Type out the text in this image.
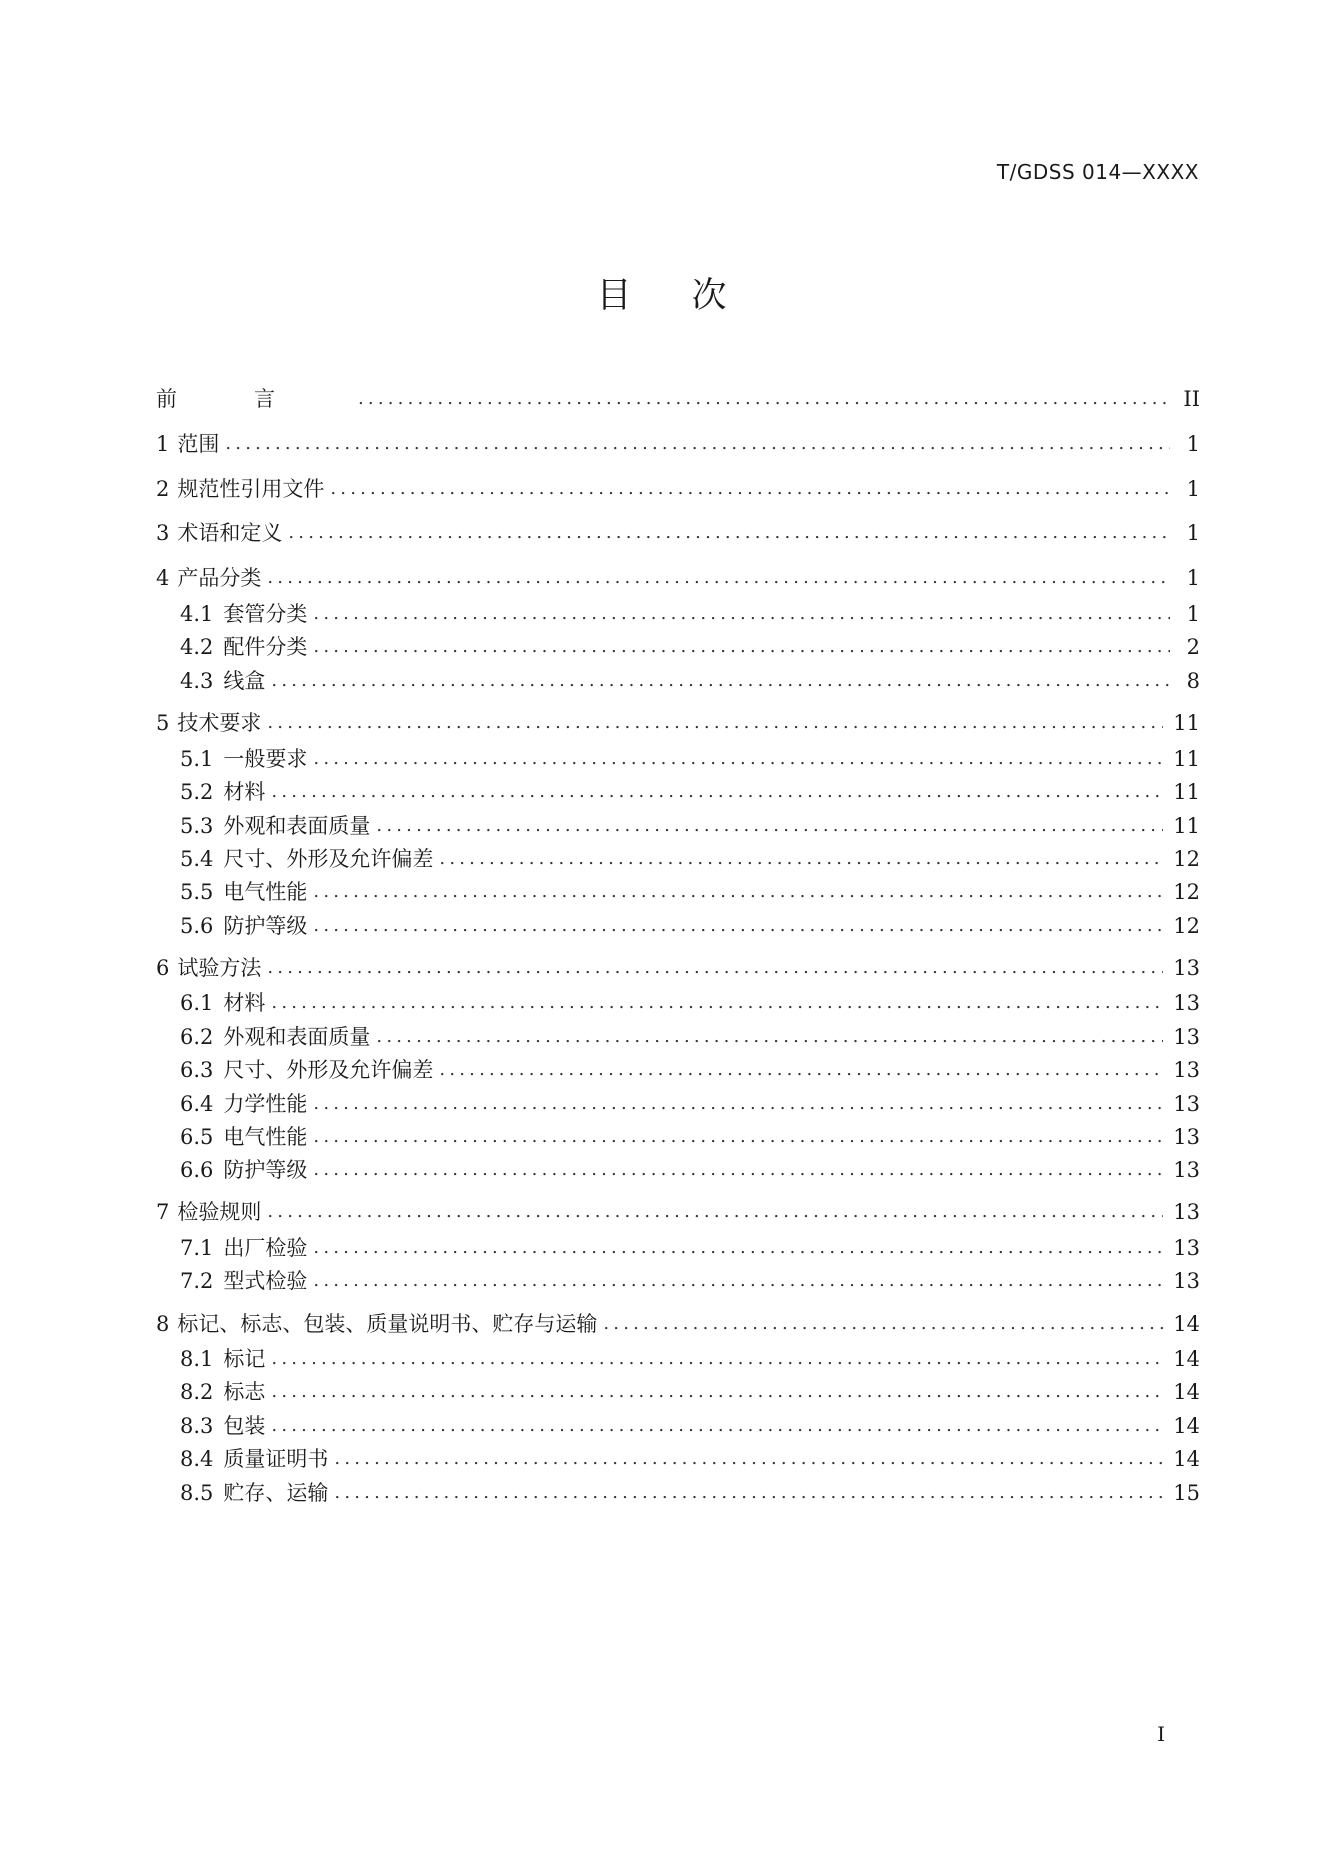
T/GDSS 014—XXXX
目次
前言 .....	II
1 范围 .....	1
2 规范性引用文件 .....	1
3 术语和定义 .....	1
4 产品分类 .....	1
4.1 套管分类 .....	1
4.2 配件分类 .....	2
4.3 线盒 .....	8
5 技术要求 .....	11
5.1 一般要求 .....	11
5.2 材料 .....	11
5.3 外观和表面质量 .....	11
5.4 尺寸、外形及允许偏差 .....	12
5.5 电气性能 .....	12
5.6 防护等级 .....	12
6 试验方法 .....	13
6.1 材料 .....	13
6.2 外观和表面质量 .....	13
6.3 尺寸、外形及允许偏差 .....	13
6.4 力学性能 .....	13
6.5 电气性能 .....	13
6.6 防护等级 .....	13
7 检验规则 .....	13
7.1 出厂检验 .....	13
7.2 型式检验 .....	13
8 标记、标志、包装、质量说明书、贮存与运输 .....	14
8.1 标记 .....	14
8.2 标志 .....	14
8.3 包装 .....	14
8.4 质量证明书 .....	14
8.5 贮存、运输 .....	15
I
